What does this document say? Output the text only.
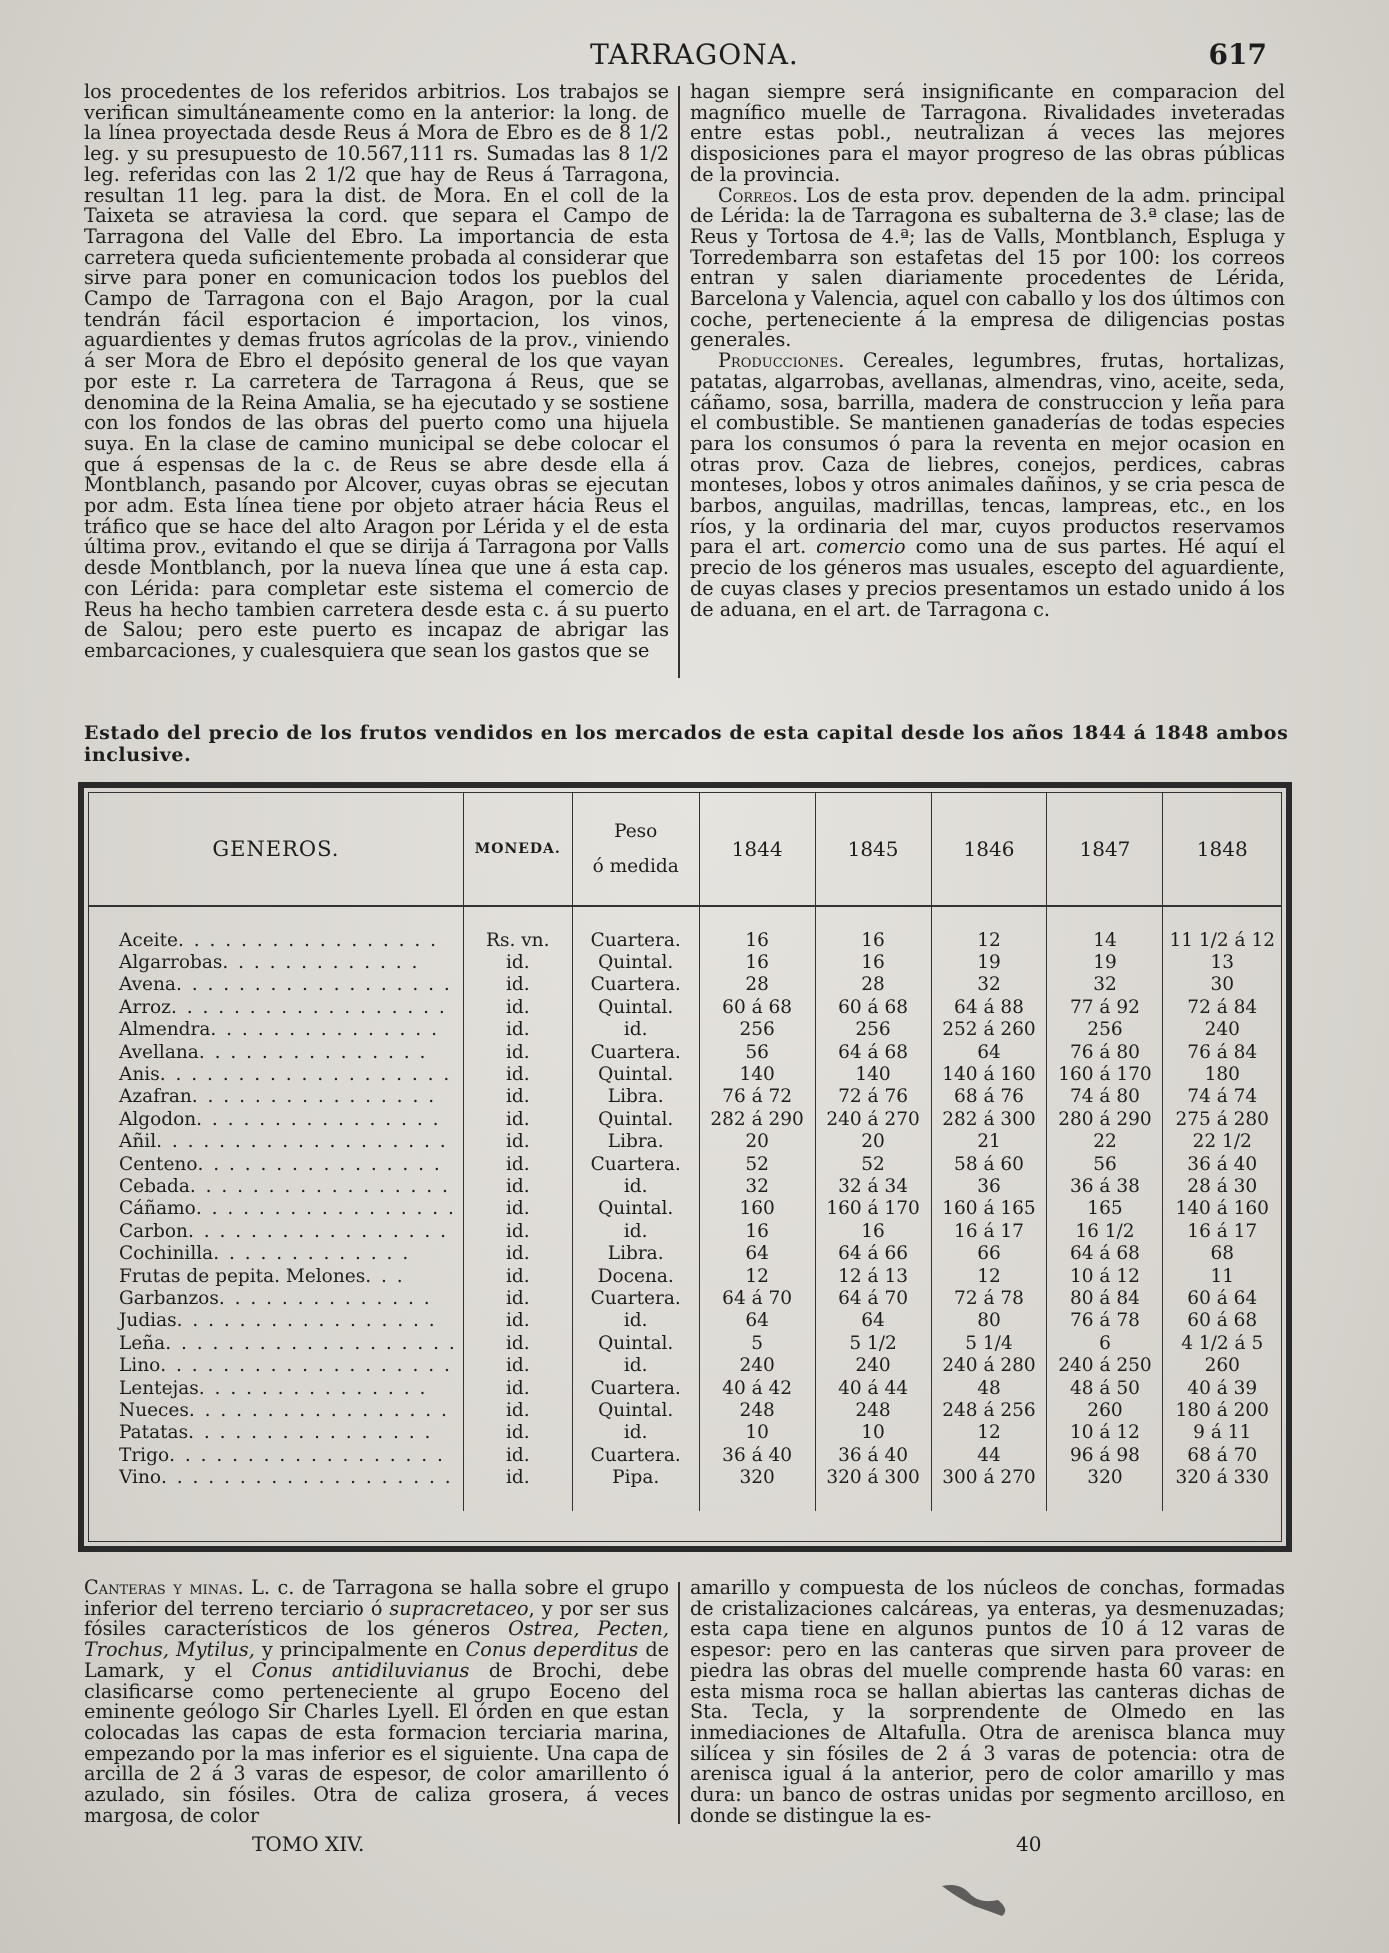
TARRAGONA.	617

los procedentes de los referidos arbitrios. Los trabajos se verifican simultáneamente como en la anterior: la long. de la línea proyectada desde Reus á Mora de Ebro es de 8 1/2 leg. y su presupuesto de 10.567,111 rs. Sumadas las 8 1/2 leg. referidas con las 2 1/2 que hay de Reus á Tarragona, resultan 11 leg. para la dist. de Mora. En el coll de la Taixeta se atraviesa la cord. que separa el Campo de Tarragona del Valle del Ebro. La importancia de esta carretera queda suficientemente probada al considerar que sirve para poner en comunicacion todos los pueblos del Campo de Tarragona con el Bajo Aragon, por la cual tendrán fácil esportacion é importacion, los vinos, aguardientes y demas frutos agrícolas de la prov., viniendo á ser Mora de Ebro el depósito general de los que vayan por este r. La carretera de Tarragona á Reus, que se denomina de la Reina Amalia, se ha ejecutado y se sostiene con los fondos de las obras del puerto como una hijuela suya. En la clase de camino municipal se debe colocar el que á espensas de la c. de Reus se abre desde ella á Montblanch, pasando por Alcover, cuyas obras se ejecutan por adm. Esta línea tiene por objeto atraer hácia Reus el tráfico que se hace del alto Aragon por Lérida y el de esta última prov., evitando el que se dirija á Tarragona por Valls desde Montblanch, por la nueva línea que une á esta cap. con Lérida: para completar este sistema el comercio de Reus ha hecho tambien carretera desde esta c. á su puerto de Salou; pero este puerto es incapaz de abrigar las embarcaciones, y cualesquiera que sean los gastos que se

hagan siempre será insignificante en comparacion del magnífico muelle de Tarragona. Rivalidades inveteradas entre estas pobl., neutralizan á veces las mejores disposiciones para el mayor progreso de las obras públicas de la provincia.

Correos. Los de esta prov. dependen de la adm. principal de Lérida: la de Tarragona es subalterna de 3.ª clase; las de Reus y Tortosa de 4.ª; las de Valls, Montblanch, Espluga y Torredembarra son estafetas del 15 por 100: los correos entran y salen diariamente procedentes de Lérida, Barcelona y Valencia, aquel con caballo y los dos últimos con coche, perteneciente á la empresa de diligencias postas generales.

Producciones. Cereales, legumbres, frutas, hortalizas, patatas, algarrobas, avellanas, almendras, vino, aceite, seda, cáñamo, sosa, barrilla, madera de construccion y leña para el combustible. Se mantienen ganaderías de todas especies para los consumos ó para la reventa en mejor ocasion en otras prov. Caza de liebres, conejos, perdices, cabras monteses, lobos y otros animales dañinos, y se cria pesca de barbos, anguilas, madrillas, tencas, lampreas, etc., en los ríos, y la ordinaria del mar, cuyos productos reservamos para el art. comercio como una de sus partes. Hé aquí el precio de los géneros mas usuales, escepto del aguardiente, de cuyas clases y precios presentamos un estado unido á los de aduana, en el art. de Tarragona c.

Estado del precio de los frutos vendidos en los mercados de esta capital desde los años 1844 á 1848 ambos inclusive.
GENEROS.	MONEDA.	Peso
ó medida	1844	1845	1846	1847	1848

Aceite. . . . . . . . . . . . . . . . .	Rs. vn.	Cuartera.	16	16	12	14	11 1/2 á 12
Algarrobas. . . . . . . . . . . . .	id.	Quintal.	16	16	19	19	13
Avena. . . . . . . . . . . . . . . . . .	id.	Cuartera.	28	28	32	32	30
Arroz. . . . . . . . . . . . . . . . . .	id.	Quintal.	60 á 68	60 á 68	64 á 88	77 á 92	72 á 84
Almendra. . . . . . . . . . . . . . .	id.	id.	256	256	252 á 260	256	240
Avellana. . . . . . . . . . . . . . .	id.	Cuartera.	56	64 á 68	64	76 á 80	76 á 84
Anis. . . . . . . . . . . . . . . . . . .	id.	Quintal.	140	140	140 á 160	160 á 170	180
Azafran. . . . . . . . . . . . . . . .	id.	Libra.	76 á 72	72 á 76	68 á 76	74 á 80	74 á 74
Algodon. . . . . . . . . . . . . . . .	id.	Quintal.	282 á 290	240 á 270	282 á 300	280 á 290	275 á 280
Añil. . . . . . . . . . . . . . . . . . .	id.	Libra.	20	20	21	22	22 1/2
Centeno. . . . . . . . . . . . . . . .	id.	Cuartera.	52	52	58 á 60	56	36 á 40
Cebada. . . . . . . . . . . . . . . . .	id.	id.	32	32 á 34	36	36 á 38	28 á 30
Cáñamo. . . . . . . . . . . . . . . . .	id.	Quintal.	160	160 á 170	160 á 165	165	140 á 160
Carbon. . . . . . . . . . . . . . . . .	id.	id.	16	16	16 á 17	16 1/2	16 á 17
Cochinilla. . . . . . . . . . . . .	id.	Libra.	64	64 á 66	66	64 á 68	68
Frutas de pepita. Melones. . .	id.	Docena.	12	12 á 13	12	10 á 12	11
Garbanzos. . . . . . . . . . . . . .	id.	Cuartera.	64 á 70	64 á 70	72 á 78	80 á 84	60 á 64
Judias. . . . . . . . . . . . . . . . .	id.	id.	64	64	80	76 á 78	60 á 68
Leña. . . . . . . . . . . . . . . . . . .	id.	Quintal.	5	5 1/2	5 1/4	6	4 1/2 á 5
Lino. . . . . . . . . . . . . . . . . . .	id.	id.	240	240	240 á 280	240 á 250	260
Lentejas. . . . . . . . . . . . . . .	id.	Cuartera.	40 á 42	40 á 44	48	48 á 50	40 á 39
Nueces. . . . . . . . . . . . . . . . .	id.	Quintal.	248	248	248 á 256	260	180 á 200
Patatas. . . . . . . . . . . . . . . .	id.	id.	10	10	12	10 á 12	9 á 11
Trigo. . . . . . . . . . . . . . . . . .	id.	Cuartera.	36 á 40	36 á 40	44	96 á 98	68 á 70
Vino. . . . . . . . . . . . . . . . . . .	id.	Pipa.	320	320 á 300	300 á 270	320	320 á 330

Canteras y minas. L. c. de Tarragona se halla sobre el grupo inferior del terreno terciario ó supracretaceo, y por ser sus fósiles característicos de los géneros Ostrea, Pecten, Trochus, Mytilus, y principalmente en Conus deperditus de Lamark, y el Conus antidiluvianus de Brochi, debe clasificarse como perteneciente al grupo Eoceno del eminente geólogo Sir Charles Lyell. El órden en que estan colocadas las capas de esta formacion terciaria marina, empezando por la mas inferior es el siguiente. Una capa de arcilla de 2 á 3 varas de espesor, de color amarillento ó azulado, sin fósiles. Otra de caliza grosera, á veces margosa, de color

amarillo y compuesta de los núcleos de conchas, formadas de cristalizaciones calcáreas, ya enteras, ya desmenuzadas; esta capa tiene en algunos puntos de 10 á 12 varas de espesor: pero en las canteras que sirven para proveer de piedra las obras del muelle comprende hasta 60 varas: en esta misma roca se hallan abiertas las canteras dichas de Sta. Tecla, y la sorprendente de Olmedo en las inmediaciones de Altafulla. Otra de arenisca blanca muy silícea y sin fósiles de 2 á 3 varas de potencia: otra de arenisca igual á la anterior, pero de color amarillo y mas dura: un banco de ostras unidas por segmento arcilloso, en donde se distingue la es-

TOMO XIV.	40
